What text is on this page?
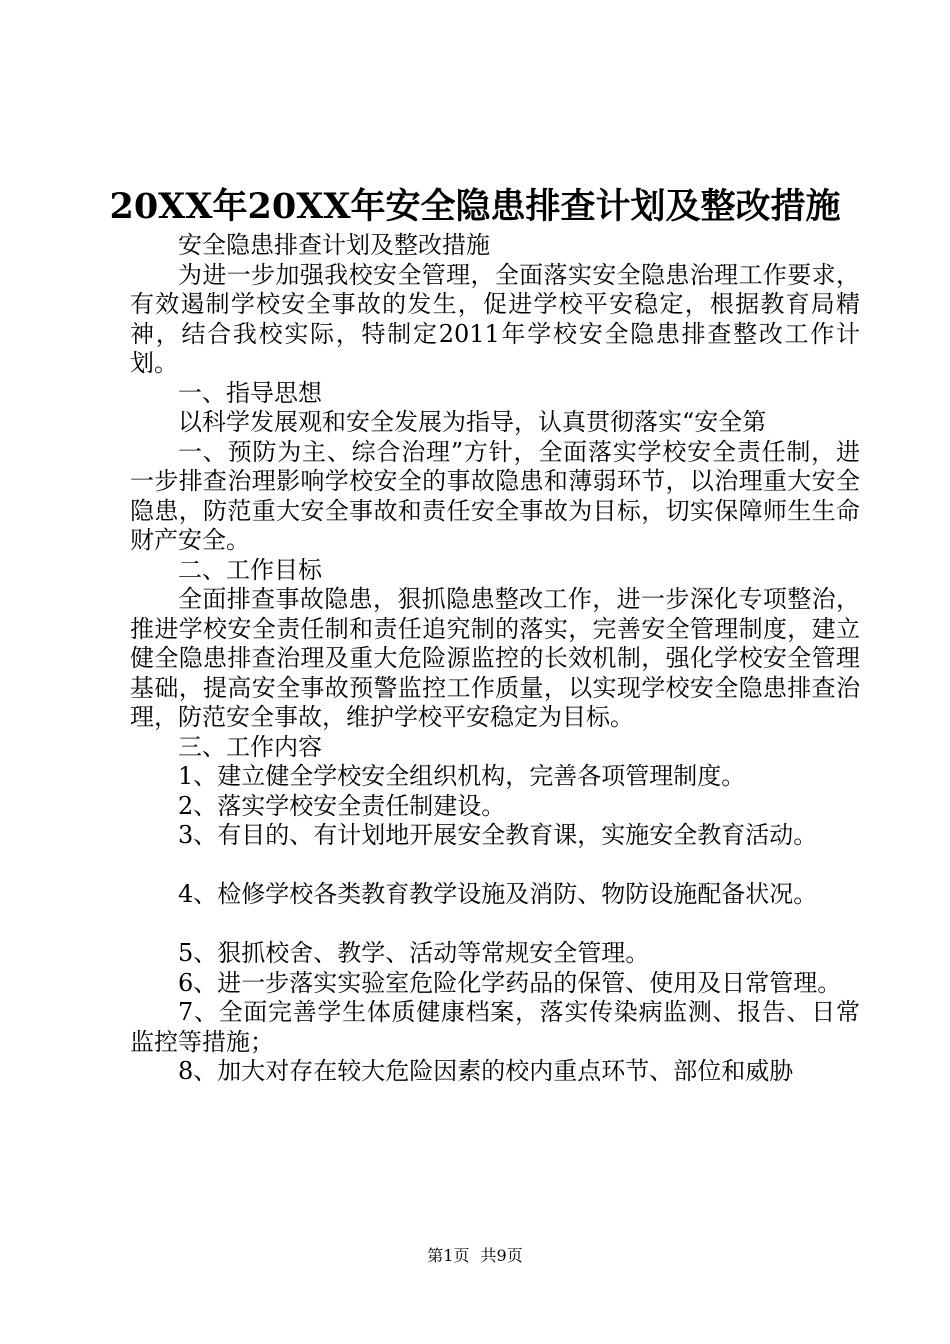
20XX年20XX年安全隐患排查计划及整改措施

安全隐患排查计划及整改措施

为进一步加强我校安全管理，全面落实安全隐患治理工作要求，有效遏制学校安全事故的发生，促进学校平安稳定，根据教育局精神，结合我校实际，特制定2011年学校安全隐患排查整改工作计划。

一、指导思想

以科学发展观和安全发展为指导，认真贯彻落实“安全第

一、预防为主、综合治理”方针，全面落实学校安全责任制，进一步排查治理影响学校安全的事故隐患和薄弱环节，以治理重大安全隐患，防范重大安全事故和责任安全事故为目标，切实保障师生生命财产安全。

二、工作目标

全面排查事故隐患，狠抓隐患整改工作，进一步深化专项整治，推进学校安全责任制和责任追究制的落实，完善安全管理制度，建立健全隐患排查治理及重大危险源监控的长效机制，强化学校安全管理基础，提高安全事故预警监控工作质量，以实现学校安全隐患排查治理，防范安全事故，维护学校平安稳定为目标。

三、工作内容

1、建立健全学校安全组织机构，完善各项管理制度。

2、落实学校安全责任制建设。

3、有目的、有计划地开展安全教育课，实施安全教育活动。

4、检修学校各类教育教学设施及消防、物防设施配备状况。

5、狠抓校舍、教学、活动等常规安全管理。

6、进一步落实实验室危险化学药品的保管、使用及日常管理。

7、全面完善学生体质健康档案，落实传染病监测、报告、日常监控等措施；

8、加大对存在较大危险因素的校内重点环节、部位和威胁

第1页 共9页
